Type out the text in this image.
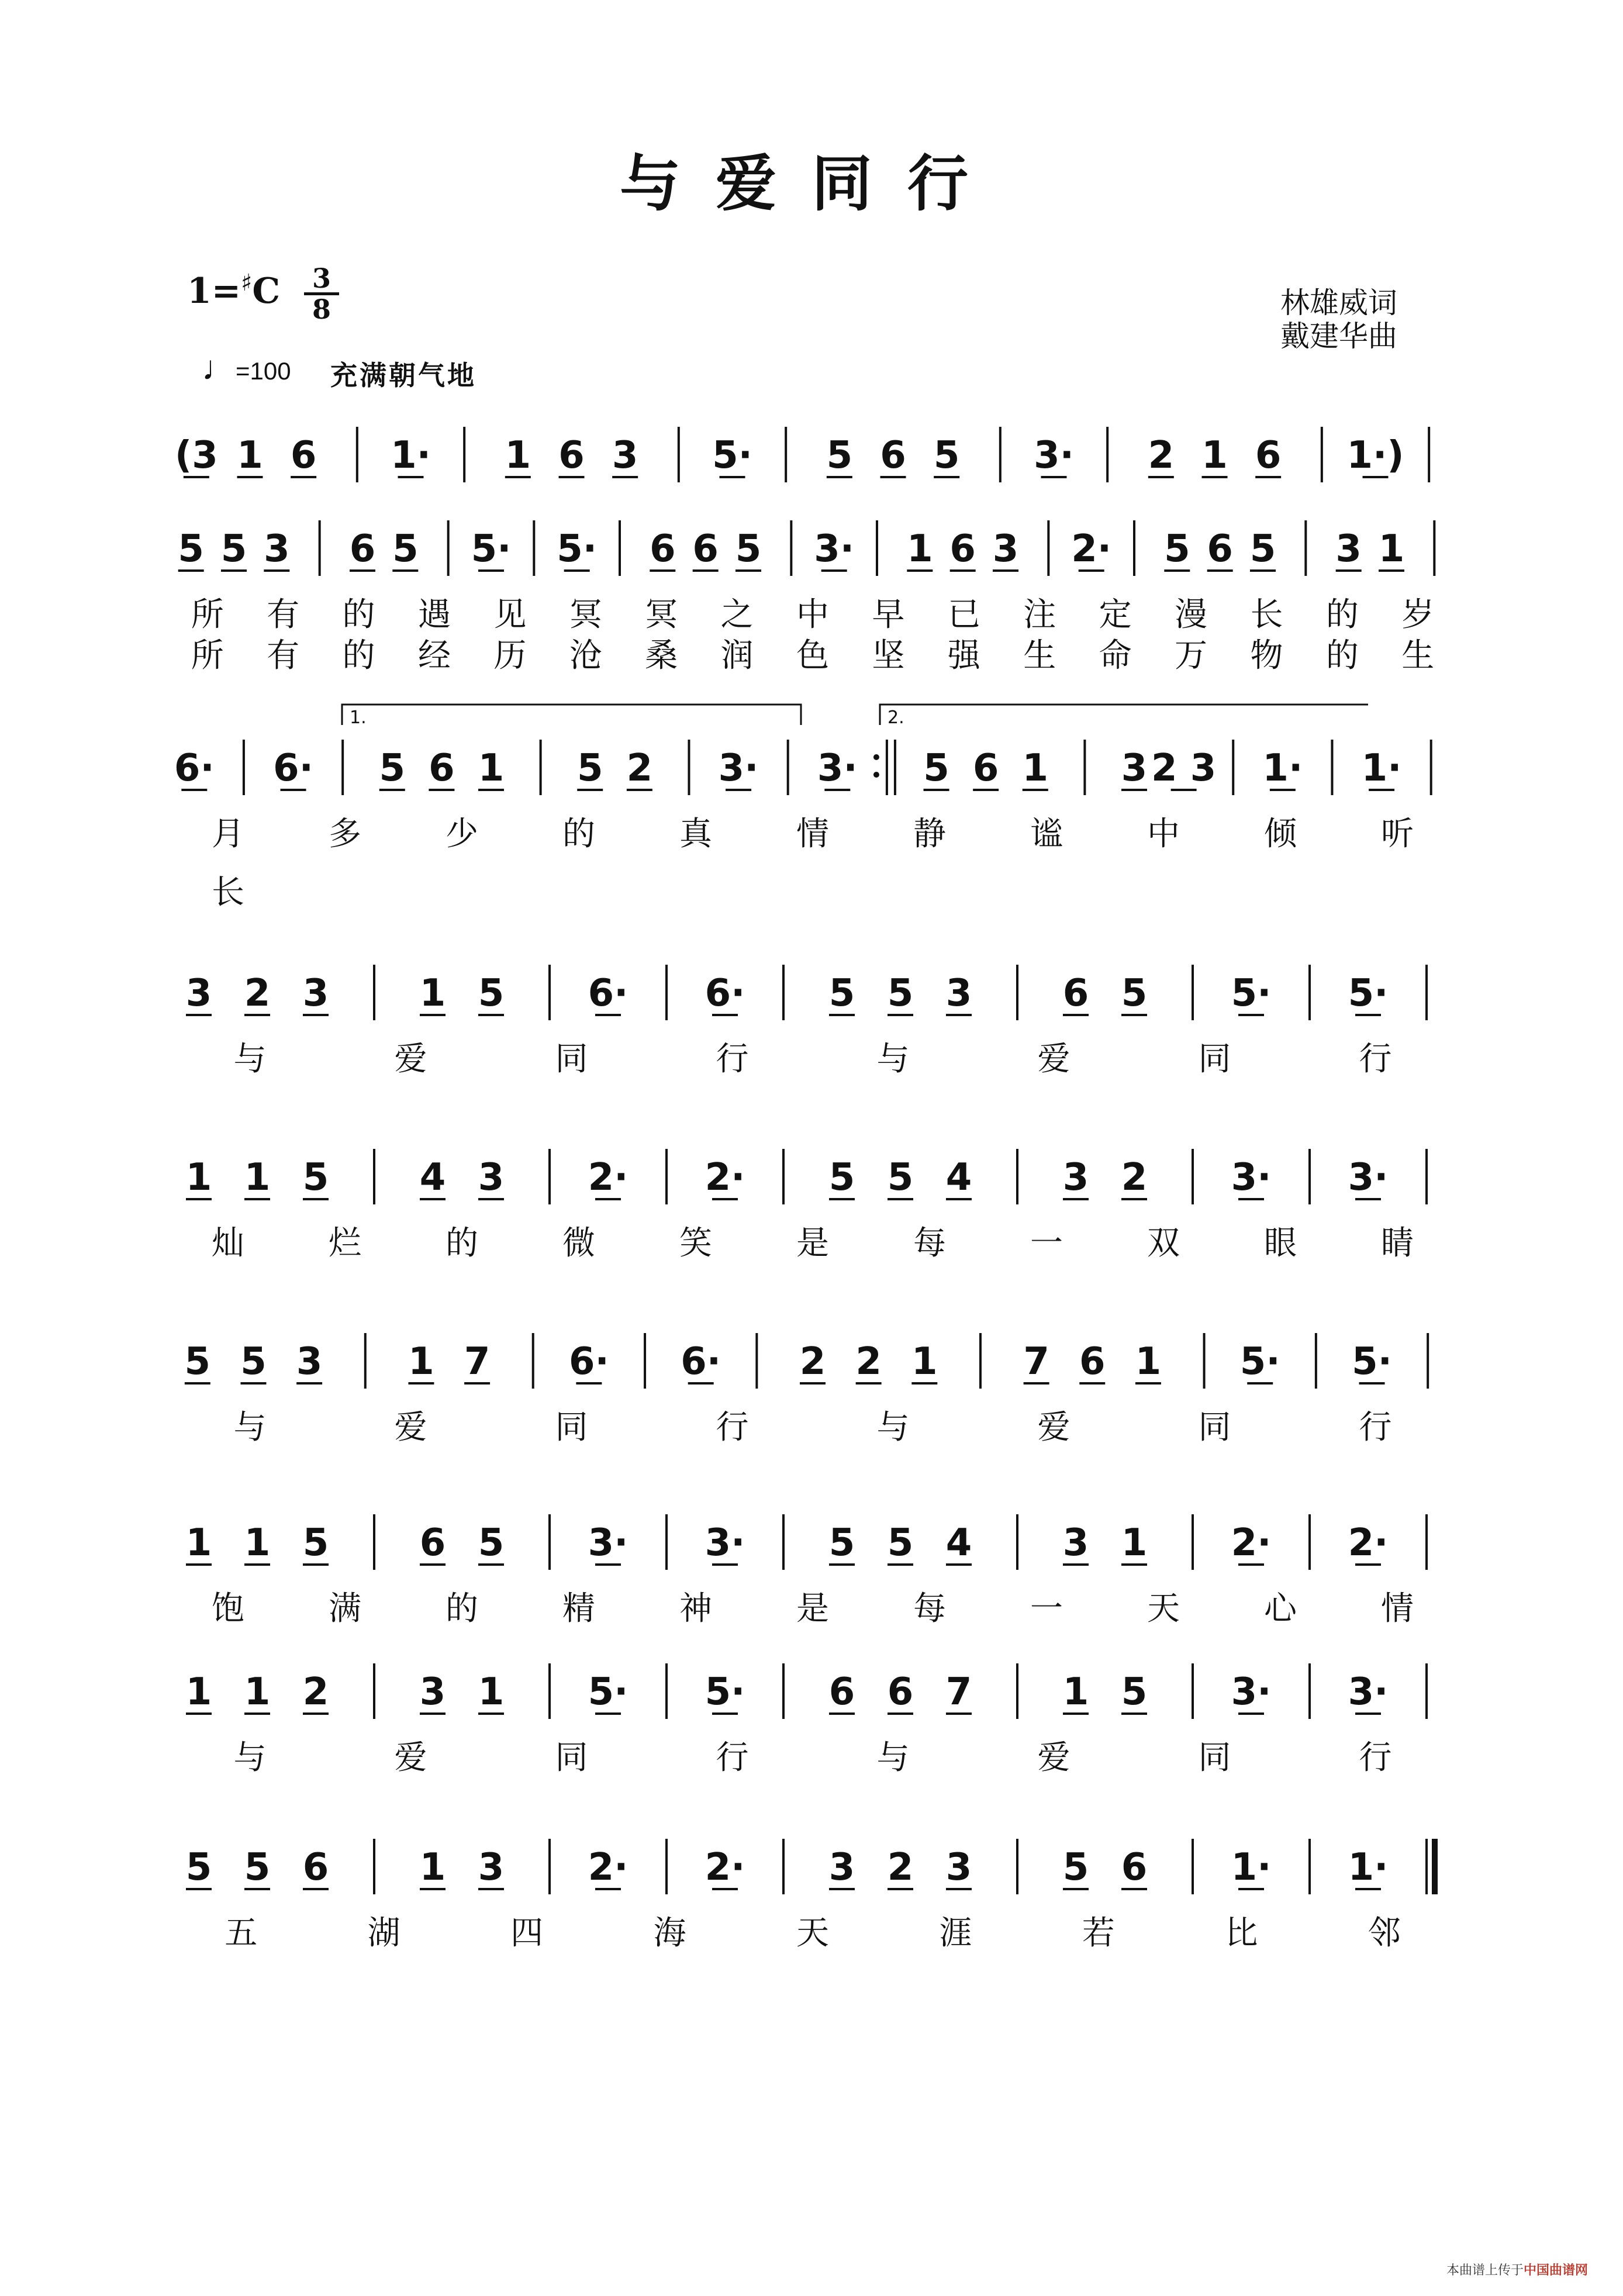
与爱同行
$1=^♯C \frac{3}{8}$
♩=100 充满朝气地
林雄威词
戴建华曲
(3 1 6 1· 1 6 3 5· 5 6 5 3· 2 1 6 1·)
5 5 3 6 5 5· 5· 6 6 5 3· 1 6 3 2· 5 6 5 3 1
所 有 的 遇 见 冥 冥 之 中 早 已 注 定 漫 长 的 岁
所 有 的 经 历 沧 桑 润 色 坚 强 生 命 万 物 的 生
6· 6· 5 6 1 5 2 3· 3· 5 6 1 3 2 3 1· 1·
月	多	少	的	真	情	静	谧	中	倾	听
长
3 2 3 1 5 6· 6· 5 5 3 6 5 5· 5·
与	爱	同	行	与	爱	同	行
1 1 5 4 3 2· 2· 5 5 4 3 2 3· 3·
灿	烂	的	微	笑	是	每	一	双	眼	睛
5 5 3 1 7 6· 6· 2 2 1 7 6 1 5· 5·
与	爱	同	行	与	爱	同	行
1 1 5 6 5 3· 3· 5 5 4 3 1 2· 2·
饱	满	的	精	神	是	每	一	天	心	情
1 1 2 3 1 5· 5· 6 6 7 1 5 3· 3·
与	爱	同	行	与	爱	同	行
5 5 6 1 3 2· 2· 3 2 3 5 6 1· 1·
五	湖	四	海	天	涯	若	比	邻
1.	2.
本曲谱上传于中国曲谱网
